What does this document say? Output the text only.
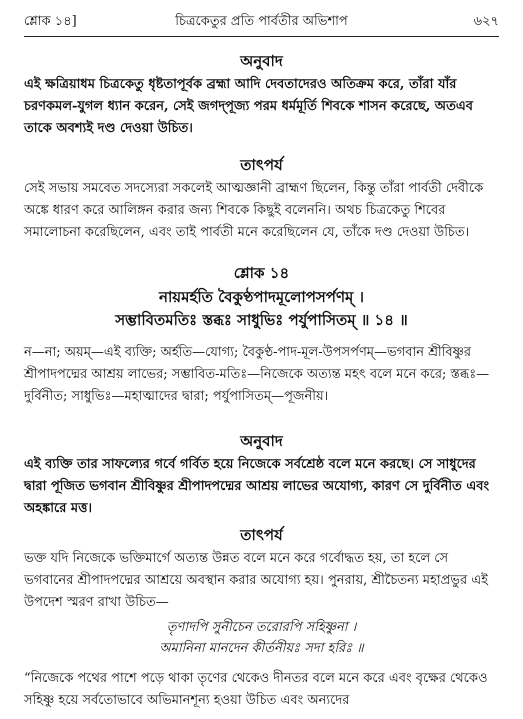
শ্লোক ১৪]	চিত্রকেতুর প্রতি পার্বতীর অভিশাপ	৬২৭
অনুবাদ
এই ক্ষত্রিয়াধম চিত্রকেতু ধৃষ্টতাপূর্বক ব্রহ্মা আদি দেবতাদেরও অতিক্রম করে, তাঁরা যাঁর চরণকমল-যুগল ধ্যান করেন, সেই জগদ্পূজ্য পরম ধর্মমূর্তি শিবকে শাসন করেছে, অতএব তাকে অবশ্যই দণ্ড দেওয়া উচিত।
তাৎপর্য
সেই সভায় সমবেত সদস্যেরা সকলেই আত্মজ্ঞানী ব্রাহ্মণ ছিলেন, কিন্তু তাঁরা পার্বতী দেবীকে অঙ্কে ধারণ করে আলিঙ্গন করার জন্য শিবকে কিছুই বলেননি। অথচ চিত্রকেতু শিবের সমালোচনা করেছিলেন, এবং তাই পার্বতী মনে করেছিলেন যে, তাঁকে দণ্ড দেওয়া উচিত।
শ্লোক ১৪
নায়মর্হতি বৈকুণ্ঠপাদমূলোপসর্পণম্ ।
সম্ভাবিতমতিঃ স্তব্ধঃ সাধুভিঃ পর্যুপাসিতম্ ॥ ১৪ ॥
ন—না; অয়ম্—এই ব্যক্তি; অর্হতি—যোগ্য; বৈকুণ্ঠ-পাদ-মূল-উপসর্পণম্—ভগবান শ্রীবিষ্ণুর শ্রীপাদপদ্মের আশ্রয় লাভের; সম্ভাবিত-মতিঃ—নিজেকে অত্যন্ত মহৎ বলে মনে করে; স্তব্ধঃ—দুর্বিনীত; সাধুভিঃ—মহাত্মাদের দ্বারা; পর্যুপাসিতম্—পূজনীয়।
অনুবাদ
এই ব্যক্তি তার সাফল্যের গর্বে গর্বিত হয়ে নিজেকে সর্বশ্রেষ্ঠ বলে মনে করছে। সে সাধুদের দ্বারা পূজিত ভগবান শ্রীবিষ্ণুর শ্রীপাদপদ্মের আশ্রয় লাভের অযোগ্য, কারণ সে দুর্বিনীত এবং অহঙ্কারে মত্ত।
তাৎপর্য
ভক্ত যদি নিজেকে ভক্তিমার্গে অত্যন্ত উন্নত বলে মনে করে গর্বোদ্ধত হয়, তা হলে সে ভগবানের শ্রীপাদপদ্মের আশ্রয়ে অবস্থান করার অযোগ্য হয়। পুনরায়, শ্রীচৈতন্য মহাপ্রভুর এই উপদেশ স্মরণ রাখা উচিত—
তৃণাদপি সুনীচেন তরোরপি সহিষ্ণুনা ।
অমানিনা মানদেন কীর্তনীয়ঃ সদা হরিঃ ॥
“নিজেকে পথের পাশে পড়ে থাকা তৃণের থেকেও দীনতর বলে মনে করে এবং বৃক্ষের থেকেও সহিষ্ণু হয়ে সর্বতোভাবে অভিমানশূন্য হওয়া উচিত এবং অন্যদের
